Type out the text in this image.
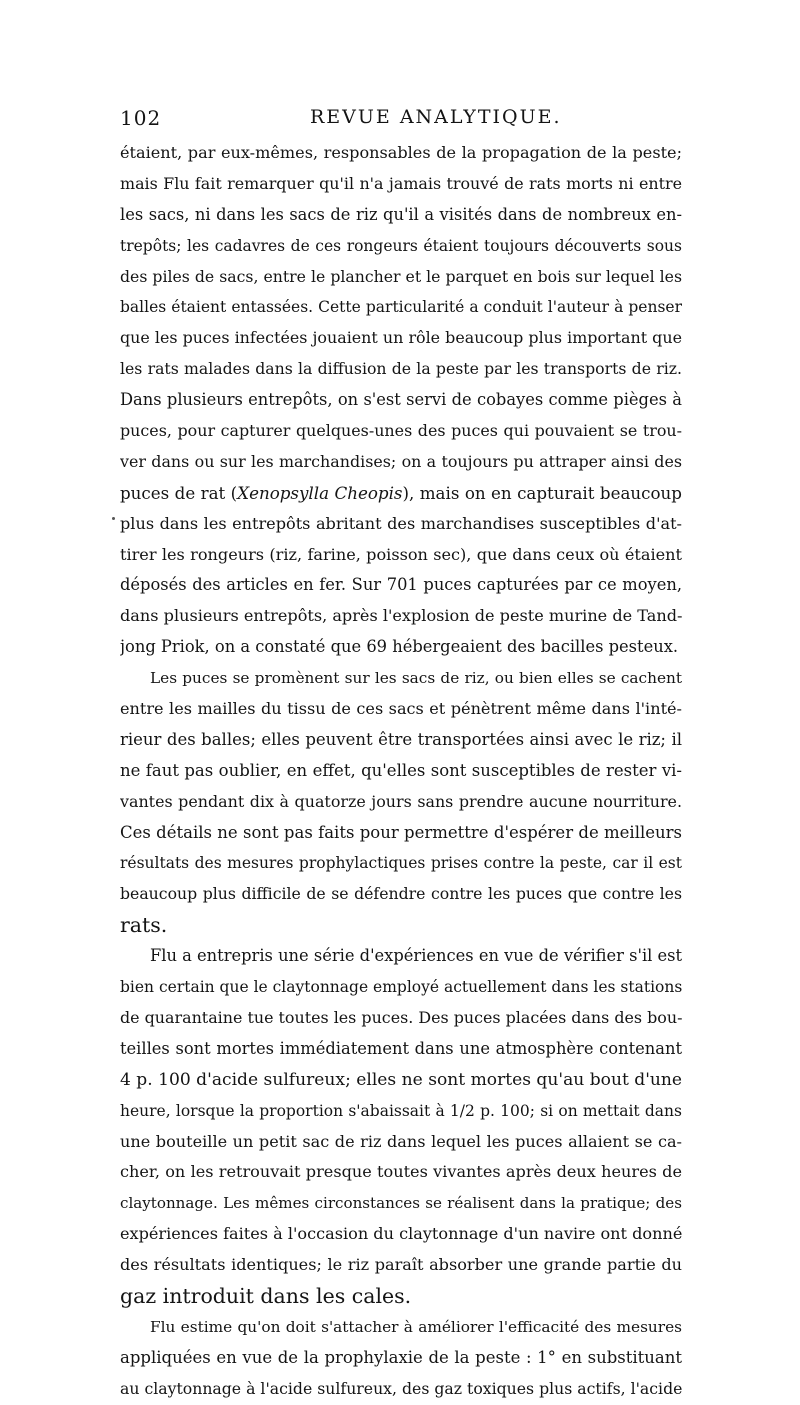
102	REVUE ANALYTIQUE.
étaient, par eux-mêmes, responsables de la propagation de la peste;
mais Flu fait remarquer qu'il n'a jamais trouvé de rats morts ni entre
les sacs, ni dans les sacs de riz qu'il a visités dans de nombreux en-
trepôts; les cadavres de ces rongeurs étaient toujours découverts sous
des piles de sacs, entre le plancher et le parquet en bois sur lequel les
balles étaient entassées. Cette particularité a conduit l'auteur à penser
que les puces infectées jouaient un rôle beaucoup plus important que
les rats malades dans la diffusion de la peste par les transports de riz.
Dans plusieurs entrepôts, on s'est servi de cobayes comme pièges à
puces, pour capturer quelques-unes des puces qui pouvaient se trou-
ver dans ou sur les marchandises; on a toujours pu attraper ainsi des
puces de rat (Xenopsylla Cheopis), mais on en capturait beaucoup
plus dans les entrepôts abritant des marchandises susceptibles d'at-
tirer les rongeurs (riz, farine, poisson sec), que dans ceux où étaient
déposés des articles en fer. Sur 701 puces capturées par ce moyen,
dans plusieurs entrepôts, après l'explosion de peste murine de Tand-
jong Priok, on a constaté que 69 hébergeaient des bacilles pesteux.
Les puces se promènent sur les sacs de riz, ou bien elles se cachent
entre les mailles du tissu de ces sacs et pénètrent même dans l'inté-
rieur des balles; elles peuvent être transportées ainsi avec le riz; il
ne faut pas oublier, en effet, qu'elles sont susceptibles de rester vi-
vantes pendant dix à quatorze jours sans prendre aucune nourriture.
Ces détails ne sont pas faits pour permettre d'espérer de meilleurs
résultats des mesures prophylactiques prises contre la peste, car il est
beaucoup plus difficile de se défendre contre les puces que contre les
rats.
Flu a entrepris une série d'expériences en vue de vérifier s'il est
bien certain que le claytonnage employé actuellement dans les stations
de quarantaine tue toutes les puces. Des puces placées dans des bou-
teilles sont mortes immédiatement dans une atmosphère contenant
4 p. 100 d'acide sulfureux; elles ne sont mortes qu'au bout d'une
heure, lorsque la proportion s'abaissait à 1/2 p. 100; si on mettait dans
une bouteille un petit sac de riz dans lequel les puces allaient se ca-
cher, on les retrouvait presque toutes vivantes après deux heures de
claytonnage. Les mêmes circonstances se réalisent dans la pratique; des
expériences faites à l'occasion du claytonnage d'un navire ont donné
des résultats identiques; le riz paraît absorber une grande partie du
gaz introduit dans les cales.
Flu estime qu'on doit s'attacher à améliorer l'efficacité des mesures
appliquées en vue de la prophylaxie de la peste : 1° en substituant
au claytonnage à l'acide sulfureux, des gaz toxiques plus actifs, l'acide
